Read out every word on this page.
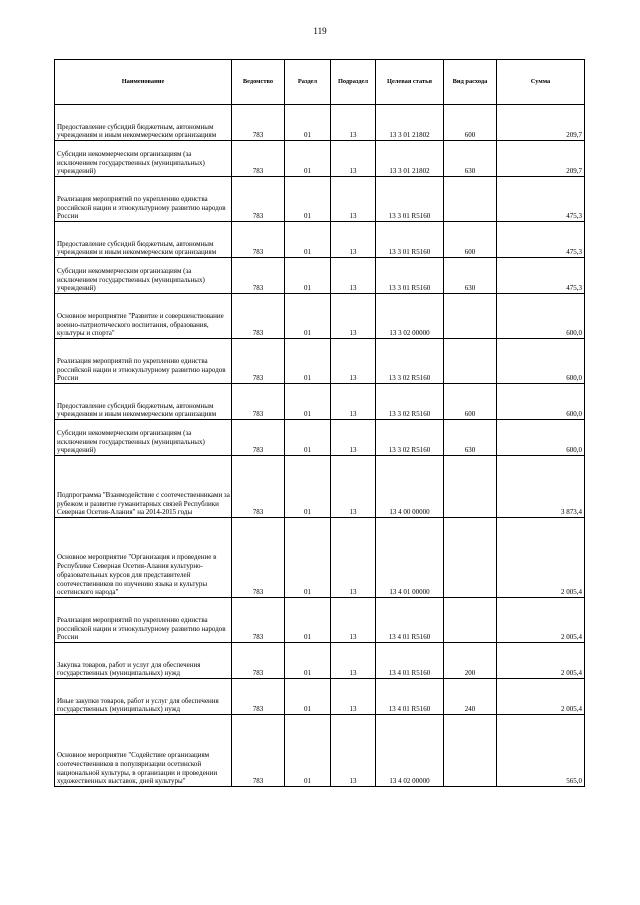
119
Наименование	Ведомство	Раздел	Подраздел	Целевая статья	Вид расхода	Сумма
Предоставление субсидий бюджетным, автономным учреждениям и иным некоммерческим организациям	783	01	13	13 3 01 21802	600	209,7
Субсидии некоммерческим организациям (за исключением государственных (муниципальных) учреждений)	783	01	13	13 3 01 21802	630	209,7
Реализация мероприятий по укреплению единства российской нации и этнокультурному развитию народов России	783	01	13	13 3 01 R5160		475,3
Предоставление субсидий бюджетным, автономным учреждениям и иным некоммерческим организациям	783	01	13	13 3 01 R5160	600	475,3
Субсидии некоммерческим организациям (за исключением государственных (муниципальных) учреждений)	783	01	13	13 3 01 R5160	630	475,3
Основное мероприятие "Развитие и совершенствование военно-патриотического воспитания, образования, культуры и спорта"	783	01	13	13 3 02 00000		600,0
Реализация мероприятий по укреплению единства российской нации и этнокультурному развитию народов России	783	01	13	13 3 02 R5160		600,0
Предоставление субсидий бюджетным, автономным учреждениям и иным некоммерческим организациям	783	01	13	13 3 02 R5160	600	600,0
Субсидии некоммерческим организациям (за исключением государственных (муниципальных) учреждений)	783	01	13	13 3 02 R5160	630	600,0
Подпрограмма "Взаимодействие с соотечественниками за рубежом и развитие гуманитарных связей Республики Северная Осетия-Алания" на 2014-2015 годы	783	01	13	13 4 00 00000		3 873,4
Основное мероприятие "Организация и проведение в Республике Северная Осетия-Алания культурно-образовательных курсов для представителей соотечественников по изучению языка и культуры осетинского народа"	783	01	13	13 4 01 00000		2 005,4
Реализация мероприятий по укреплению единства российской нации и этнокультурному развитию народов России	783	01	13	13 4 01 R5160		2 005,4
Закупка товаров, работ и услуг для обеспечения государственных (муниципальных) нужд	783	01	13	13 4 01 R5160	200	2 005,4
Иные закупки товаров, работ и услуг для обеспечения государственных (муниципальных) нужд	783	01	13	13 4 01 R5160	240	2 005,4
Основное мероприятие "Содействие организациям соотечественников в популяризации осетинской национальной культуры, в организации и проведении художественных выставок, дней культуры"	783	01	13	13 4 02 00000		565,0
